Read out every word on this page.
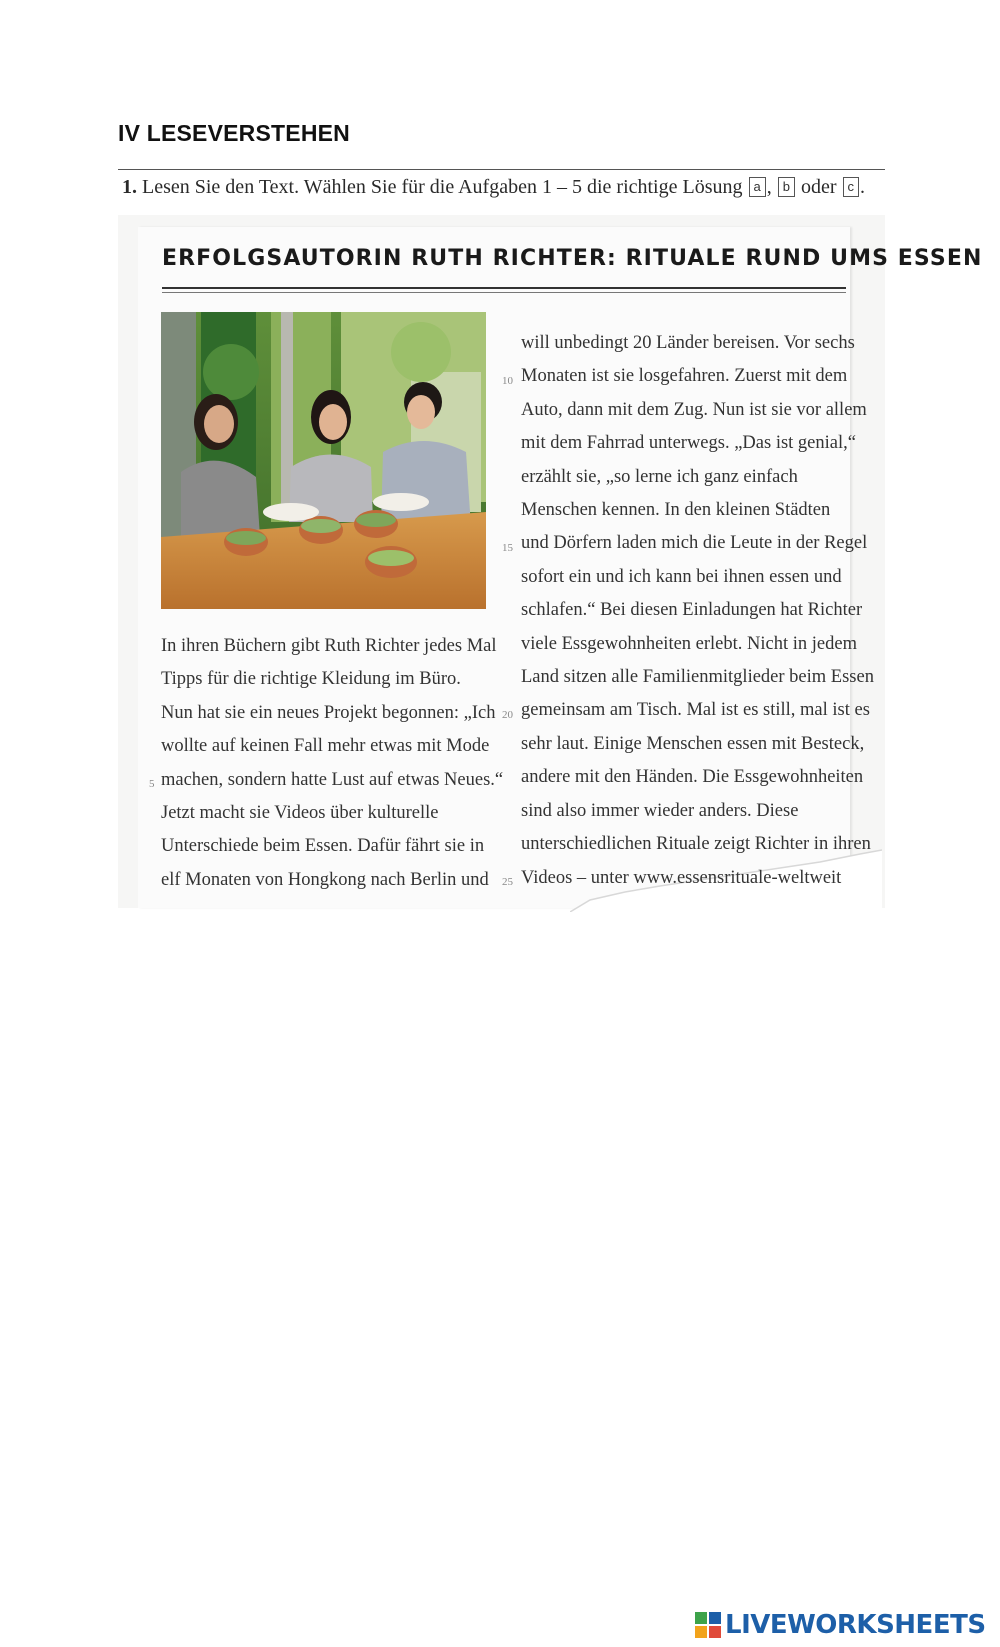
IV LESEVERSTEHEN
1. Lesen Sie den Text. Wählen Sie für die Aufgaben 1 – 5 die richtige Lösung a , b oder c .
ERFOLGSAUTORIN RUTH RICHTER: RITUALE RUND UMS ESSEN
In ihren Büchern gibt Ruth Richter jedes Mal
Tipps für die richtige Kleidung im Büro.
Nun hat sie ein neues Projekt begonnen: „Ich
wollte auf keinen Fall mehr etwas mit Mode
machen, sondern hatte Lust auf etwas Neues.“
Jetzt macht sie Videos über kulturelle
Unterschiede beim Essen. Dafür fährt sie in
elf Monaten von Hongkong nach Berlin und
will unbedingt 20 Länder bereisen. Vor sechs
Monaten ist sie losgefahren. Zuerst mit dem
Auto, dann mit dem Zug. Nun ist sie vor allem
mit dem Fahrrad unterwegs. „Das ist genial,“
erzählt sie, „so lerne ich ganz einfach
Menschen kennen. In den kleinen Städten
und Dörfern laden mich die Leute in der Regel
sofort ein und ich kann bei ihnen essen und
schlafen.“ Bei diesen Einladungen hat Richter
viele Essgewohnheiten erlebt. Nicht in jedem
Land sitzen alle Familienmitglieder beim Essen
gemeinsam am Tisch. Mal ist es still, mal ist es
sehr laut. Einige Menschen essen mit Besteck,
andere mit den Händen. Die Essgewohnheiten
sind also immer wieder anders. Diese
unterschiedlichen Rituale zeigt Richter in ihren
Videos – unter www.essensrituale-weltweit
5
10
15
20
25
LIVEWORKSHEETS
